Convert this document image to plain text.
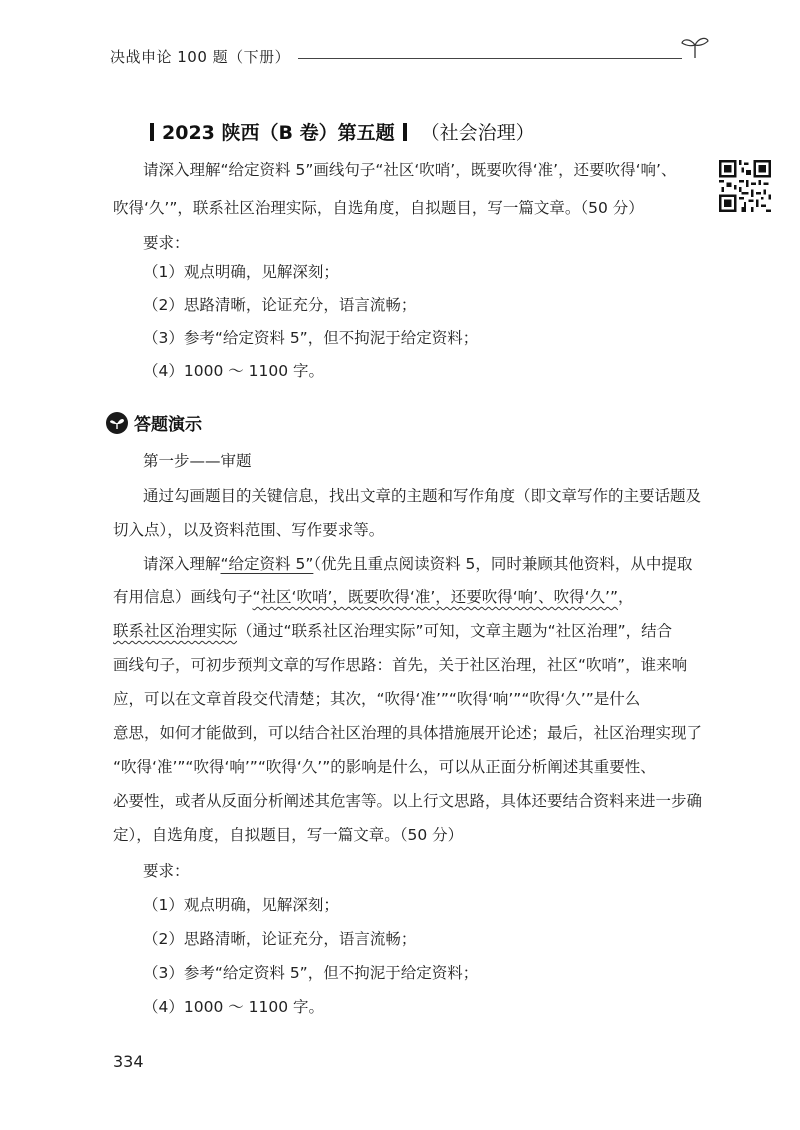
决战申论 100 题（下册）
2023 陕西（B 卷）第五题 （社会治理）
请深入理解“给定资料 5”画线句子“社区‘吹哨’，既要吹得‘准’，还要吹得‘响’、
吹得‘久’”，联系社区治理实际，自选角度，自拟题目，写一篇文章。（50 分）
要求：
（1）观点明确，见解深刻；
（2）思路清晰，论证充分，语言流畅；
（3）参考“给定资料 5”，但不拘泥于给定资料；
（4）1000 ～ 1100 字。
答题演示
第一步——审题
通过勾画题目的关键信息，找出文章的主题和写作角度（即文章写作的主要话题及
切入点），以及资料范围、写作要求等。
请深入理解“给定资料 5”（优先且重点阅读资料 5，同时兼顾其他资料，从中提取
有用信息）画线句子“社区‘吹哨’，既要吹得‘准’，还要吹得‘响’、吹得‘久’”，
联系社区治理实际（通过“联系社区治理实际”可知，文章主题为“社区治理”，结合
画线句子，可初步预判文章的写作思路：首先，关于社区治理，社区“吹哨”，谁来响
应，可以在文章首段交代清楚；其次，“吹得‘准’”“吹得‘响’”“吹得‘久’”是什么
意思，如何才能做到，可以结合社区治理的具体措施展开论述；最后，社区治理实现了
“吹得‘准’”“吹得‘响’”“吹得‘久’”的影响是什么，可以从正面分析阐述其重要性、
必要性，或者从反面分析阐述其危害等。以上行文思路，具体还要结合资料来进一步确
定），自选角度，自拟题目，写一篇文章。（50 分）
要求：
（1）观点明确，见解深刻；
（2）思路清晰，论证充分，语言流畅；
（3）参考“给定资料 5”，但不拘泥于给定资料；
（4）1000 ～ 1100 字。
334
